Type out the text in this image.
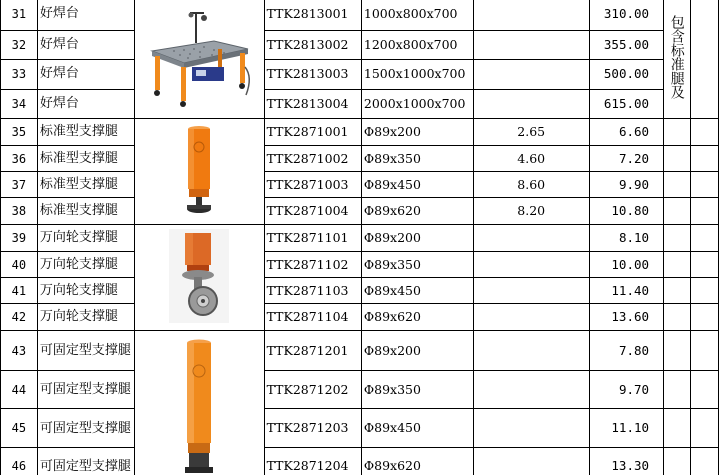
31	好焊台		TTK2813001	1000x800x700		310.00	包含标准腿及	
32	好焊台		TTK2813002	1200x800x700		355.00		
33	好焊台		TTK2813003	1500x1000x700		500.00		
34	好焊台		TTK2813004	2000x1000x700		615.00		
35	标准型支撑腿		TTK2871001	Φ89x200	2.65	6.60		
36	标准型支撑腿		TTK2871002	Φ89x350	4.60	7.20		
37	标准型支撑腿		TTK2871003	Φ89x450	8.60	9.90		
38	标准型支撑腿		TTK2871004	Φ89x620	8.20	10.80		
39	万向轮支撑腿		TTK2871101	Φ89x200		8.10		
40	万向轮支撑腿		TTK2871102	Φ89x350		10.00		
41	万向轮支撑腿		TTK2871103	Φ89x450		11.40		
42	万向轮支撑腿		TTK2871104	Φ89x620		13.60		
43	可固定型支撑腿		TTK2871201	Φ89x200		7.80		
44	可固定型支撑腿		TTK2871202	Φ89x350		9.70		
45	可固定型支撑腿		TTK2871203	Φ89x450		11.10		
46	可固定型支撑腿		TTK2871204	Φ89x620		13.30		
